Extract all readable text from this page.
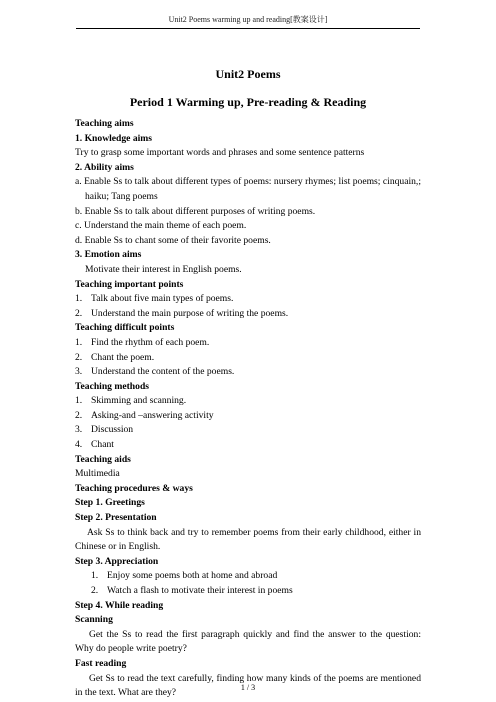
Unit2 Poems warming up and reading[教案设计]
Unit2 Poems
Period 1 Warming up, Pre-reading & Reading
Teaching aims
1. Knowledge aims
Try to grasp some important words and phrases and some sentence patterns
2. Ability aims
a. Enable Ss to talk about different types of poems: nursery rhymes; list poems; cinquain,; haiku; Tang poems
b. Enable Ss to talk about different purposes of writing poems.
c. Understand the main theme of each poem.
d. Enable Ss to chant some of their favorite poems.
3. Emotion aims
Motivate their interest in English poems.
Teaching important points
1. Talk about five main types of poems.
2. Understand the main purpose of writing the poems.
Teaching difficult points
1. Find the rhythm of each poem.
2. Chant the poem.
3. Understand the content of the poems.
Teaching methods
1. Skimming and scanning.
2. Asking-and –answering activity
3. Discussion
4. Chant
Teaching aids
Multimedia
Teaching procedures & ways
Step 1. Greetings
Step 2. Presentation
Ask Ss to think back and try to remember poems from their early childhood, either in Chinese or in English.
Step 3. Appreciation
1. Enjoy some poems both at home and abroad
2. Watch a flash to motivate their interest in poems
Step 4. While reading
Scanning
Get the Ss to read the first paragraph quickly and find the answer to the question: Why do people write poetry?
Fast reading
Get Ss to read the text carefully, finding how many kinds of the poems are mentioned in the text. What are they?	1 / 3
